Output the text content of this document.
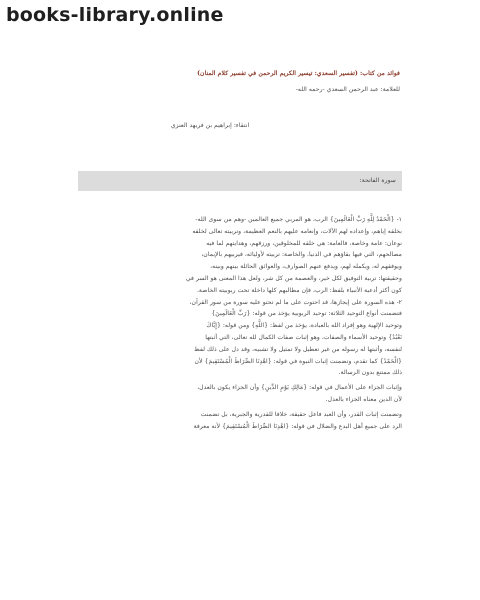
books-library.online
فوائد من كتاب: (تفسير السعدي: تيسير الكريم الرحمن في تفسير كلام المنان)
للعلامة: عبد الرحمن السعدي -رحمه الله-
انتقاء: إبراهيم بن فريهد العنزي
سورة الفاتحة:

١- {الْحَمْدُ لِلَّهِ رَبِّ الْعَالَمِينَ} الرب، هو المربي جميع العالمين -وهم من سوى الله-

بخلقه إياهم، وإعداده لهم الآلات، وإنعامه عليهم بالنعم العظيمة، وتربيته تعالى لخلقه

نوعان: عامة وخاصة، فالعامة: هي خلقه للمخلوقين، ورزقهم، وهدايتهم لما فيه

مصالحهم، التي فيها بقاؤهم في الدنيا. والخاصة: تربيته لأوليائه، فيربيهم بالإيمان،

ويوفقهم له، ويكمله لهم، ويدفع عنهم الصوارف، والعوائق الحائلة بينهم وبينه،

وحقيقتها: تربية التوفيق لكل خير، والعصمة من كل شر، ولعل هذا المعنى هو السر في

كون أكثر أدعية الأنبياء بلفظ: الرب، فإن مطالبهم كلها داخلة تحت ربوبيته الخاصة.

٢- هذه السورة على إيجازها، قد احتوت على ما لم تحتو عليه سورة من سور القرآن،

فتضمنت أنواع التوحيد الثلاثة: توحيد الربوبية يؤخذ من قوله: {رَبِّ الْعَالَمِينَ}

وتوحيد الإلهية وهو إفراد الله بالعبادة، يؤخذ من لفظ: {اللَّهِ} ومن قوله: {إِيَّاكَ

نَعْبُدُ} وتوحيد الأسماء والصفات، وهو إثبات صفات الكمال لله تعالى، التي أثبتها

لنفسه، وأثبتها له رسوله من غير تعطيل ولا تمثيل ولا تشبيه، وقد دل على ذلك لفظ

{الْحَمْدُ} كما تقدم، وتضمنت إثبات النبوة في قوله: {اهْدِنَا الصِّرَاطَ الْمُسْتَقِيمَ} لأن

ذلك ممتنع بدون الرسالة.

وإثبات الجزاء على الأعمال في قوله: {مَالِكِ يَوْمِ الدِّينِ} وأن الجزاء يكون بالعدل،

لأن الدين معناه الجزاء بالعدل.

وتضمنت إثبات القدر، وأن العبد فاعل حقيقة، خلافا للقدرية والجبرية، بل تضمنت

الرد على جميع أهل البدع والضلال في قوله: {اهْدِنَا الصِّرَاطَ الْمُسْتَقِيمَ} لأنه معرفة
